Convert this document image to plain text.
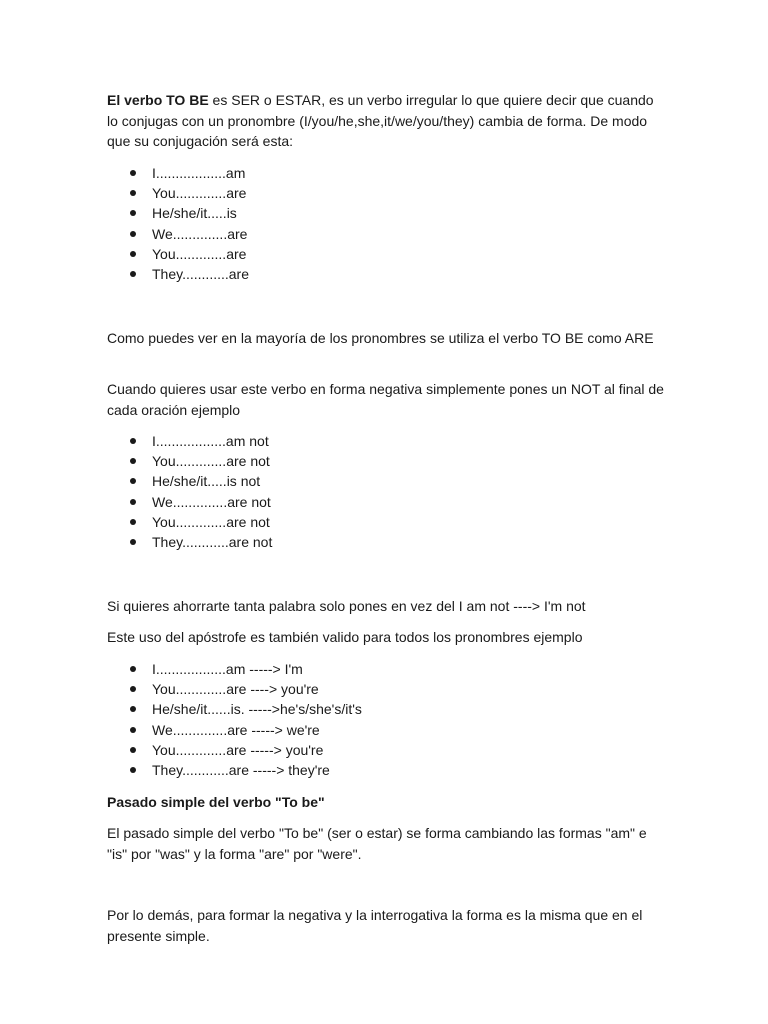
El verbo TO BE es SER o ESTAR, es un verbo irregular lo que quiere decir que cuando lo conjugas con un pronombre (I/you/he,she,it/we/you/they) cambia de forma. De modo que su conjugación será esta:

I..................am
You.............are
He/she/it.....is
We..............are
You.............are
They............are

Como puedes ver en la mayoría de los pronombres se utiliza el verbo TO BE como ARE

Cuando quieres usar este verbo en forma negativa simplemente pones un NOT al final de cada oración ejemplo

I..................am not
You.............are not
He/she/it.....is not
We..............are not
You.............are not
They............are not

Si quieres ahorrarte tanta palabra solo pones en vez del I am not ----> I'm not

Este uso del apóstrofe es también valido para todos los pronombres ejemplo

I..................am -----> I'm
You.............are ----> you're
He/she/it......is. ----->he's/she's/it's
We..............are -----> we're
You.............are -----> you're
They............are -----> they're

Pasado simple del verbo "To be"

El pasado simple del verbo "To be" (ser o estar) se forma cambiando las formas "am" e "is" por "was" y la forma "are" por "were".

Por lo demás, para formar la negativa y la interrogativa la forma es la misma que en el presente simple.
